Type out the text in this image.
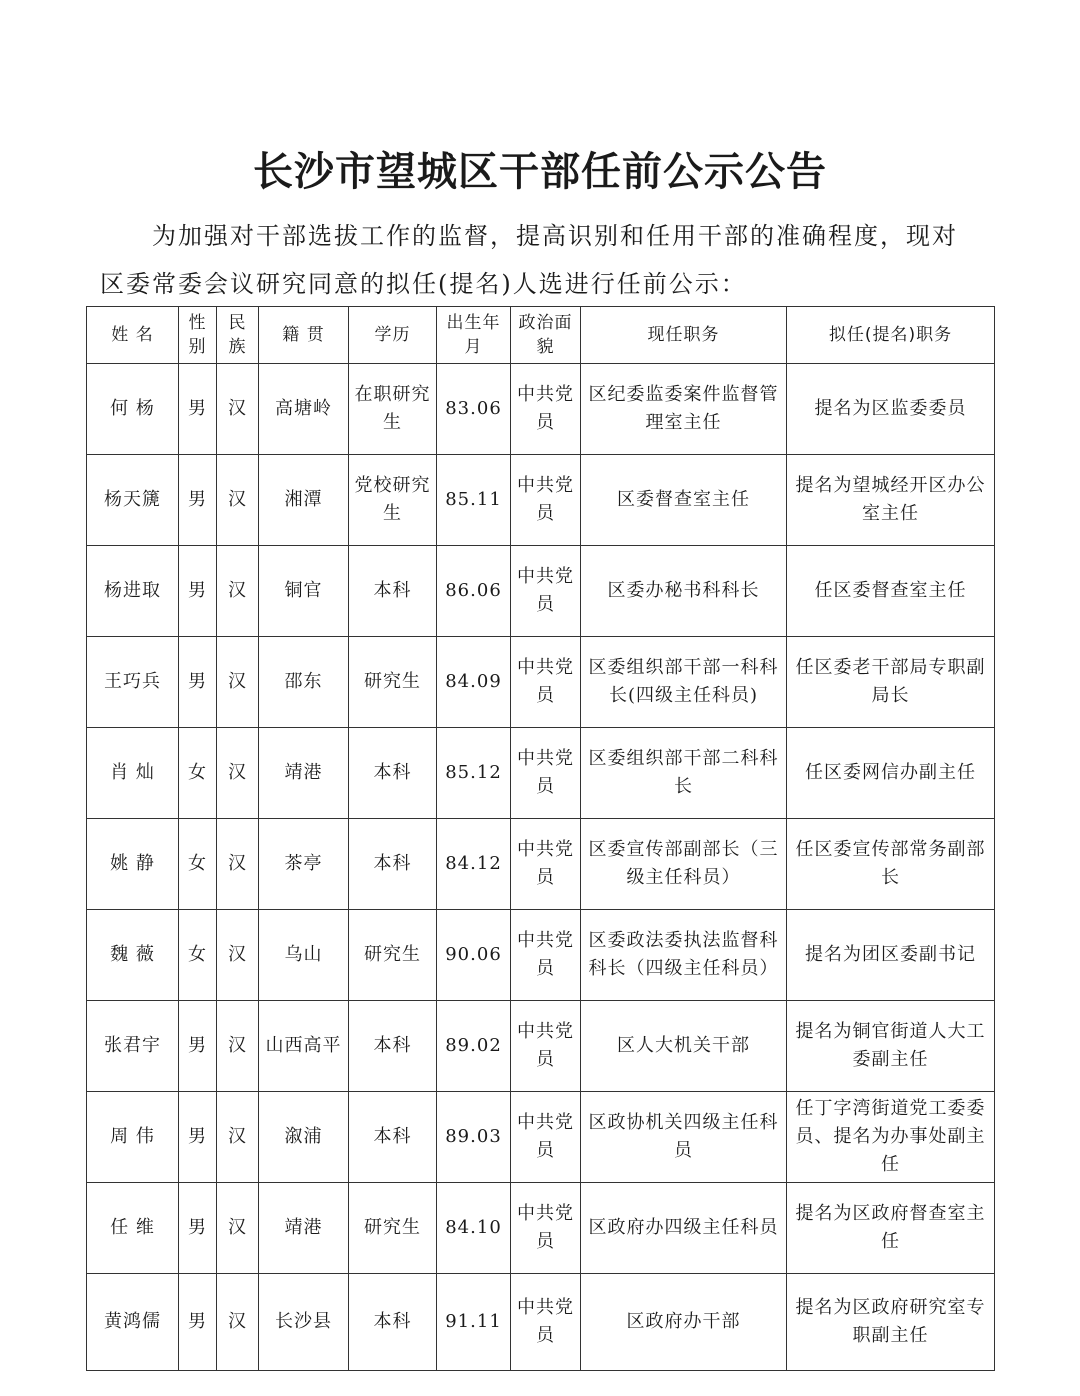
长沙市望城区干部任前公示公告

为加强对干部选拔工作的监督，提高识别和任用干部的准确程度，现对区委常委会议研究同意的拟任(提名)人选进行任前公示：

姓 名	性别	民族	籍 贯	学历	出生年月	政治面貌	现任职务	拟任(提名)职务
何 杨	男	汉	高塘岭	在职研究生	83.06	中共党员	区纪委监委案件监督管理室主任	提名为区监委委员
杨天篪	男	汉	湘潭	党校研究生	85.11	中共党员	区委督查室主任	提名为望城经开区办公室主任
杨进取	男	汉	铜官	本科	86.06	中共党员	区委办秘书科科长	任区委督查室主任
王巧兵	男	汉	邵东	研究生	84.09	中共党员	区委组织部干部一科科长(四级主任科员)	任区委老干部局专职副局长
肖 灿	女	汉	靖港	本科	85.12	中共党员	区委组织部干部二科科长	任区委网信办副主任
姚 静	女	汉	茶亭	本科	84.12	中共党员	区委宣传部副部长（三级主任科员）	任区委宣传部常务副部长
魏 薇	女	汉	乌山	研究生	90.06	中共党员	区委政法委执法监督科科长（四级主任科员）	提名为团区委副书记
张君宇	男	汉	山西高平	本科	89.02	中共党员	区人大机关干部	提名为铜官街道人大工委副主任
周 伟	男	汉	溆浦	本科	89.03	中共党员	区政协机关四级主任科员	任丁字湾街道党工委委员、提名为办事处副主任
任 维	男	汉	靖港	研究生	84.10	中共党员	区政府办四级主任科员	提名为区政府督查室主任
黄鸿儒	男	汉	长沙县	本科	91.11	中共党员	区政府办干部	提名为区政府研究室专职副主任
